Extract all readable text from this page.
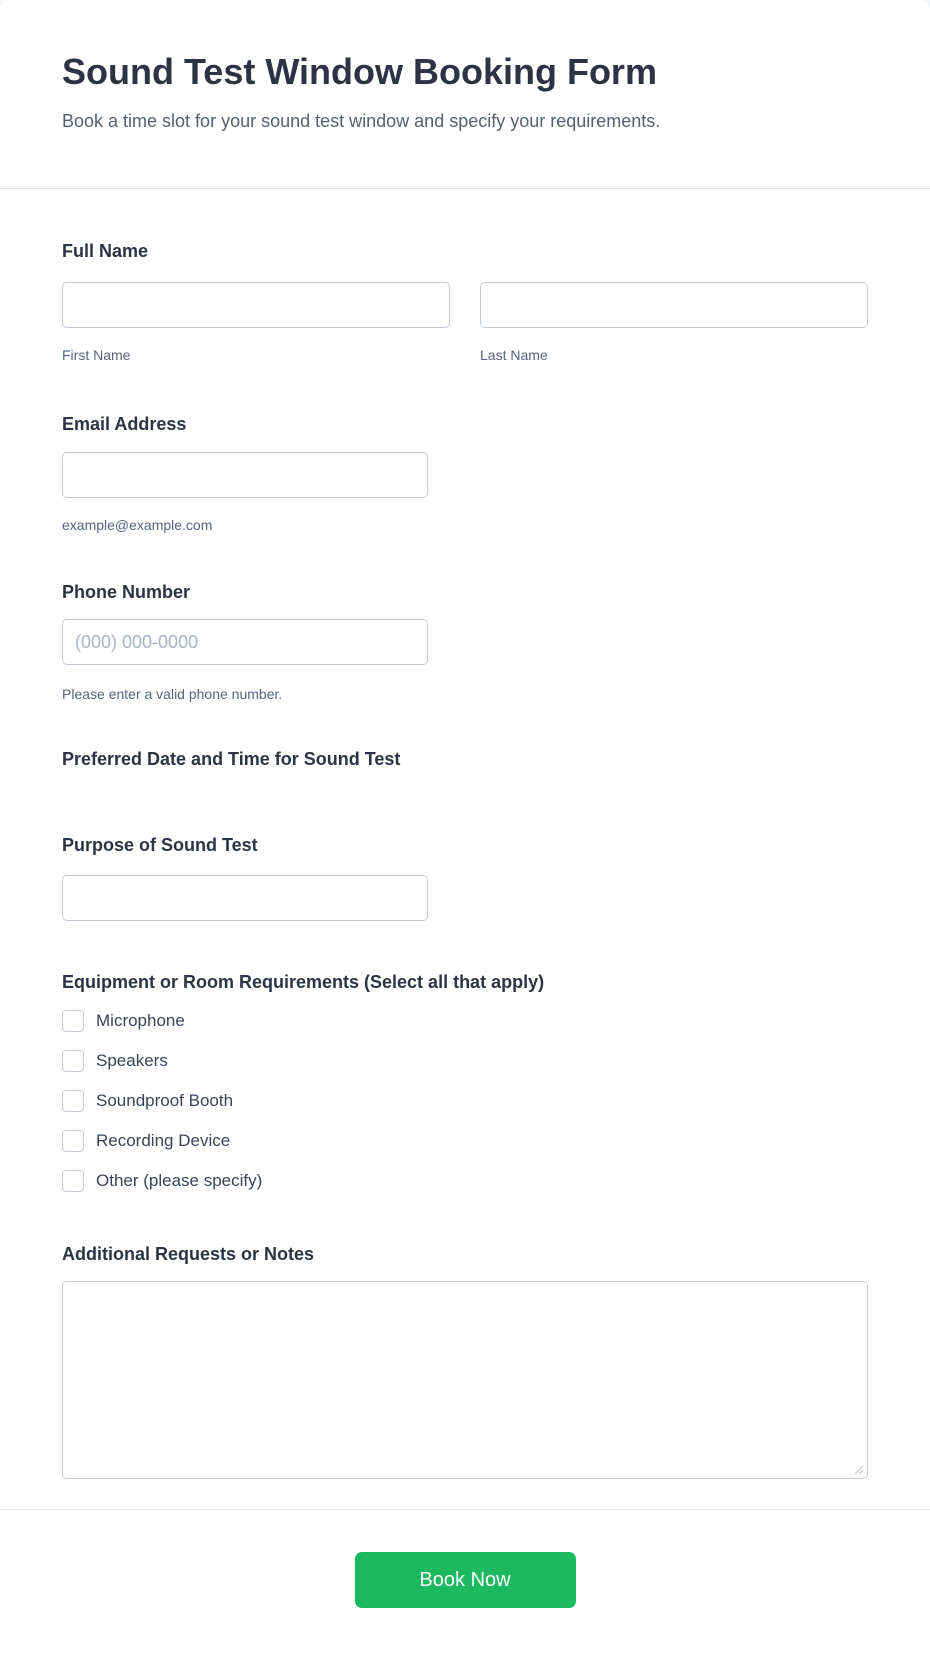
Sound Test Window Booking Form
Book a time slot for your sound test window and specify your requirements.
Full Name
First Name	Last Name
Email Address
example@example.com
Phone Number
(000) 000-0000
Please enter a valid phone number.
Preferred Date and Time for Sound Test
Purpose of Sound Test
Equipment or Room Requirements (Select all that apply)
Microphone
Speakers
Soundproof Booth
Recording Device
Other (please specify)
Additional Requests or Notes
Book Now
